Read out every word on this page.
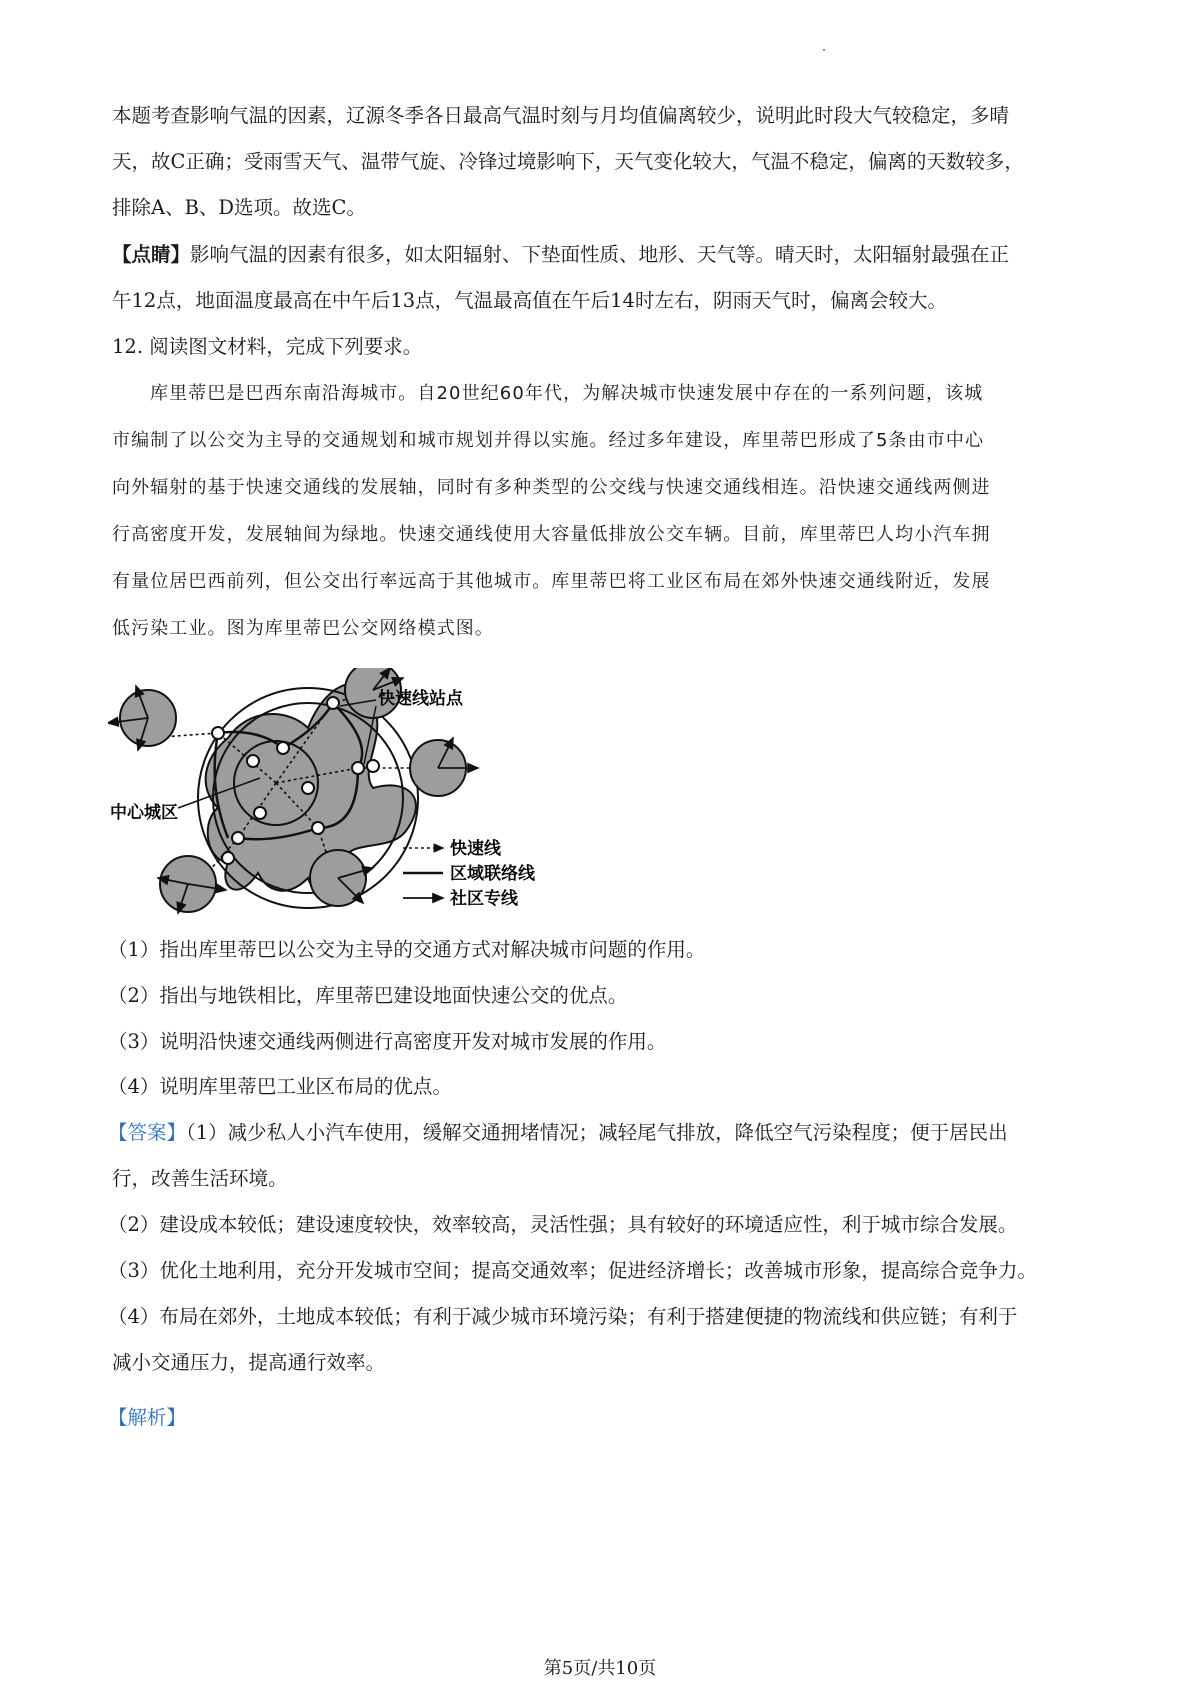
本题考查影响气温的因素，辽源冬季各日最高气温时刻与月均值偏离较少，说明此时段大气较稳定，多晴
天，故C正确；受雨雪天气、温带气旋、冷锋过境影响下，天气变化较大，气温不稳定，偏离的天数较多，
排除A、B、D选项。故选C。
【点睛】影响气温的因素有很多，如太阳辐射、下垫面性质、地形、天气等。晴天时，太阳辐射最强在正
午12点，地面温度最高在中午后13点，气温最高值在午后14时左右，阴雨天气时，偏离会较大。
12. 阅读图文材料，完成下列要求。
库里蒂巴是巴西东南沿海城市。自20世纪60年代，为解决城市快速发展中存在的一系列问题，该城
市编制了以公交为主导的交通规划和城市规划并得以实施。经过多年建设，库里蒂巴形成了5条由市中心
向外辐射的基于快速交通线的发展轴，同时有多种类型的公交线与快速交通线相连。沿快速交通线两侧进
行高密度开发，发展轴间为绿地。快速交通线使用大容量低排放公交车辆。目前，库里蒂巴人均小汽车拥
有量位居巴西前列，但公交出行率远高于其他城市。库里蒂巴将工业区布局在郊外快速交通线附近，发展
低污染工业。图为库里蒂巴公交网络模式图。
快速线站点
中心城区
快速线
区域联络线
社区专线
（1）指出库里蒂巴以公交为主导的交通方式对解决城市问题的作用。
（2）指出与地铁相比，库里蒂巴建设地面快速公交的优点。
（3）说明沿快速交通线两侧进行高密度开发对城市发展的作用。
（4）说明库里蒂巴工业区布局的优点。
【答案】（1）减少私人小汽车使用，缓解交通拥堵情况；减轻尾气排放，降低空气污染程度；便于居民出
行，改善生活环境。
（2）建设成本较低；建设速度较快，效率较高，灵活性强；具有较好的环境适应性，利于城市综合发展。
（3）优化土地利用，充分开发城市空间；提高交通效率；促进经济增长；改善城市形象，提高综合竞争力。
（4）布局在郊外，土地成本较低；有利于减少城市环境污染；有利于搭建便捷的物流线和供应链；有利于
减小交通压力，提高通行效率。
【解析】
第5页/共10页
